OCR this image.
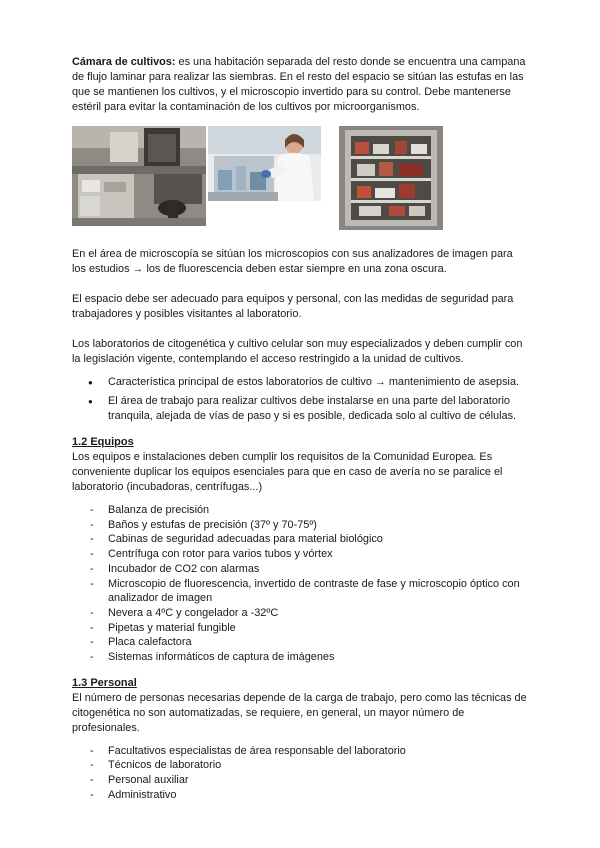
Cámara de cultivos: es una habitación separada del resto donde se encuentra una campana de flujo laminar para realizar las siembras. En el resto del espacio se sitúan las estufas en las que se mantienen los cultivos, y el microscopio invertido para su control. Debe mantenerse estéril para evitar la contaminación de los cultivos por microorganismos.

En el área de microscopía se sitúan los microscopios con sus analizadores de imagen para los estudios → los de fluorescencia deben estar siempre en una zona oscura.

El espacio debe ser adecuado para equipos y personal, con las medidas de seguridad para trabajadores y posibles visitantes al laboratorio.

Los laboratorios de citogenética y cultivo celular son muy especializados y deben cumplir con la legislación vigente, contemplando el acceso restringido a la unidad de cultivos.

● Característica principal de estos laboratorios de cultivo → mantenimiento de asepsia.
● El área de trabajo para realizar cultivos debe instalarse en una parte del laboratorio tranquila, alejada de vías de paso y si es posible, dedicada solo al cultivo de células.
1.2 Equipos

Los equipos e instalaciones deben cumplir los requisitos de la Comunidad Europea. Es conveniente duplicar los equipos esenciales para que en caso de avería no se paralice el laboratorio (incubadoras, centrífugas...)

- Balanza de precisión
- Baños y estufas de precisión (37º y 70-75º)
- Cabinas de seguridad adecuadas para material biológico
- Centrífuga con rotor para varios tubos y vórtex
- Incubador de CO2 con alarmas
- Microscopio de fluorescencia, invertido de contraste de fase y microscopio óptico con analizador de imagen
- Nevera a 4ºC y congelador a -32ºC
- Pipetas y material fungible
- Placa calefactora
- Sistemas informáticos de captura de imágenes
1.3 Personal

El número de personas necesarias depende de la carga de trabajo, pero como las técnicas de citogenética no son automatizadas, se requiere, en general, un mayor número de profesionales.

- Facultativos especialistas de área responsable del laboratorio
- Técnicos de laboratorio
- Personal auxiliar
- Administrativo
